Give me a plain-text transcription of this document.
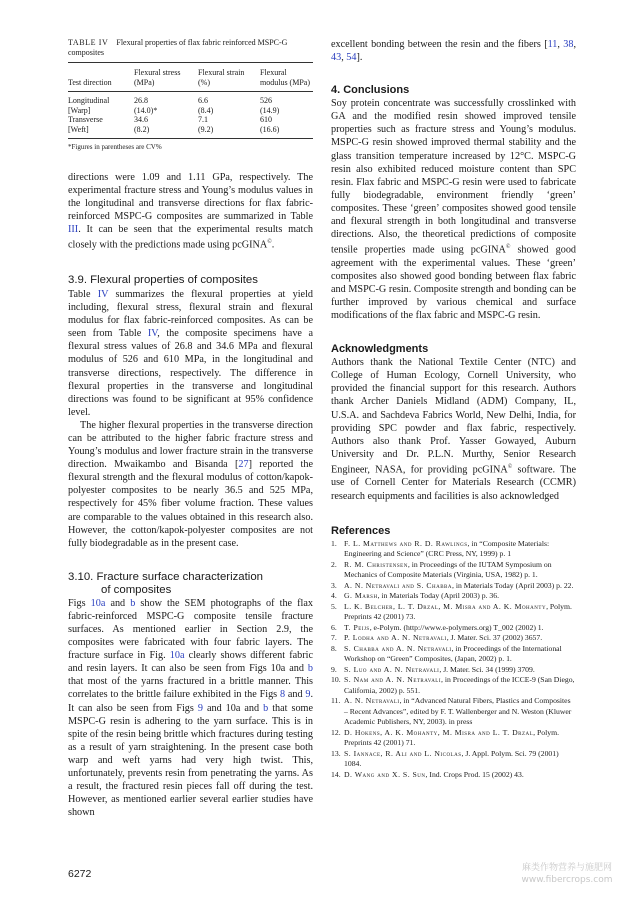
TABLE IV Flexural properties of flax fabric reinforced MSPC-G composites
Test direction	Flexural stress (MPa)	Flexural strain (%)	Flexural modulus (MPa)
Longitudinal	26.8	6.6	526
[Warp]	(14.0)*	(8.4)	(14.9)
Transverse	34.6	7.1	610
[Weft]	(8.2)	(9.2)	(16.6)
*Figures in parentheses are CV%

directions were 1.09 and 1.11 GPa, respectively. The experimental fracture stress and Young’s modulus values in the longitudinal and transverse directions for flax fabric-reinforced MSPC-G composites are summarized in Table III. It can be seen that the experimental results match closely with the predictions made using pcGINA©.

3.9. Flexural properties of composites

Table IV summarizes the flexural properties at yield including, flexural stress, flexural strain and flexural modulus for flax fabric-reinforced composites. As can be seen from Table IV, the composite specimens have a flexural stress values of 26.8 and 34.6 MPa and flexural modulus of 526 and 610 MPa, in the longitudinal and transverse directions, respectively. The difference in flexural properties in the transverse and longitudinal directions was found to be significant at 95% confidence level.

The higher flexural properties in the transverse direction can be attributed to the higher fabric fracture stress and Young’s modulus and lower fracture strain in the transverse direction. Mwaikambo and Bisanda [27] reported the flexural strength and the flexural modulus of cotton/kapok-polyester composites to be nearly 36.5 and 525 MPa, respectively for 45% fiber volume fraction. These values are comparable to the values obtained in this research also. However, the cotton/kapok-polyester composites are not fully biodegradable as in the present case.

3.10. Fracture surface characterization
of composites

Figs 10a and b show the SEM photographs of the flax fabric-reinforced MSPC-G composite tensile fracture surfaces. As mentioned earlier in Section 2.9, the composites were fabricated with four fabric layers. The fracture surface in Fig. 10a clearly shows different fabric and resin layers. It can also be seen from Figs 10a and b that most of the yarns fractured in a brittle manner. This correlates to the brittle failure exhibited in the Figs 8 and 9. It can also be seen from Figs 9 and 10a and b that some MSPC-G resin is adhering to the yarn surface. This is in spite of the resin being brittle which fractures during testing as a result of yarn straightening. In the present case both warp and weft yarns had very high twist. This, unfortunately, prevents resin from penetrating the yarns. As a result, the fractured resin pieces fall off during the test. However, as mentioned earlier several earlier studies have shown

excellent bonding between the resin and the fibers [11, 38, 43, 54].

4. Conclusions

Soy protein concentrate was successfully crosslinked with GA and the modified resin showed improved tensile properties such as fracture stress and Young’s modulus. MSPC-G resin showed improved thermal stability and the glass transition temperature increased by 12°C. MSPC-G resin also exhibited reduced moisture content than SPC resin. Flax fabric and MSPC-G resin were used to fabricate fully biodegradable, environment friendly ‘green’ composites. These ‘green’ composites showed good tensile and flexural strength in both longitudinal and transverse directions. Also, the theoretical predictions of composite tensile properties made using pcGINA© showed good agreement with the experimental values. These ‘green’ composites also showed good bonding between flax fabric and MSPC-G resin. Composite strength and bonding can be further improved by various chemical and surface modifications of the flax fabric and MSPC-G resin.

Acknowledgments

Authors thank the National Textile Center (NTC) and College of Human Ecology, Cornell University, who provided the financial support for this research. Authors thank Archer Daniels Midland (ADM) Company, IL, U.S.A. and Sachdeva Fabrics World, New Delhi, India, for providing SPC powder and flax fabric, respectively. Authors also thank Prof. Yasser Gowayed, Auburn University and Dr. P.L.N. Murthy, Senior Research Engineer, NASA, for providing pcGINA© software. The use of Cornell Center for Materials Research (CCMR) research equipments and facilities is also acknowledged

References
1. F. L. Matthews and R. D. Rawlings, in “Composite Materials: Engineering and Science” (CRC Press, NY, 1999) p. 1
2. R. M. Christensen, in Proceedings of the IUTAM Symposium on Mechanics of Composite Materials (Virginia, USA, 1982) p. 1.
3. A. N. Netravali and S. Chabba, in Materials Today (April 2003) p. 22.
4. G. Marsh, in Materials Today (April 2003) p. 36.
5. L. K. Belcher, L. T. Drzal, M. Misra and A. K. Mohanty, Polym. Preprints 42 (2001) 73.
6. T. Peijs, e-Polym. (http://www.e-polymers.org) T_002 (2002) 1.
7. P. Lodha and A. N. Netravali, J. Mater. Sci. 37 (2002) 3657.
8. S. Chabba and A. N. Netravali, in Proceedings of the International Workshop on “Green” Composites, (Japan, 2002) p. 1.
9. S. Luo and A. N. Netravali, J. Mater. Sci. 34 (1999) 3709.
10. S. Nam and A. N. Netravali, in Proceedings of the ICCE-9 (San Diego, California, 2002) p. 551.
11. A. N. Netravali, in “Advanced Natural Fibers, Plastics and Composites – Recent Advances”, edited by F. T. Wallenberger and N. Weston (Kluwer Academic Publishers, NY, 2003). in press
12. D. Hokens, A. K. Mohanty, M. Misra and L. T. Drzal, Polym. Preprints 42 (2001) 71.
13. S. Iannace, R. Ali and L. Nicolas, J. Appl. Polym. Sci. 79 (2001) 1084.
14. D. Wang and X. S. Sun, Ind. Crops Prod. 15 (2002) 43.
6272	麻类作物营养与施肥网 www.fibercrops.com
